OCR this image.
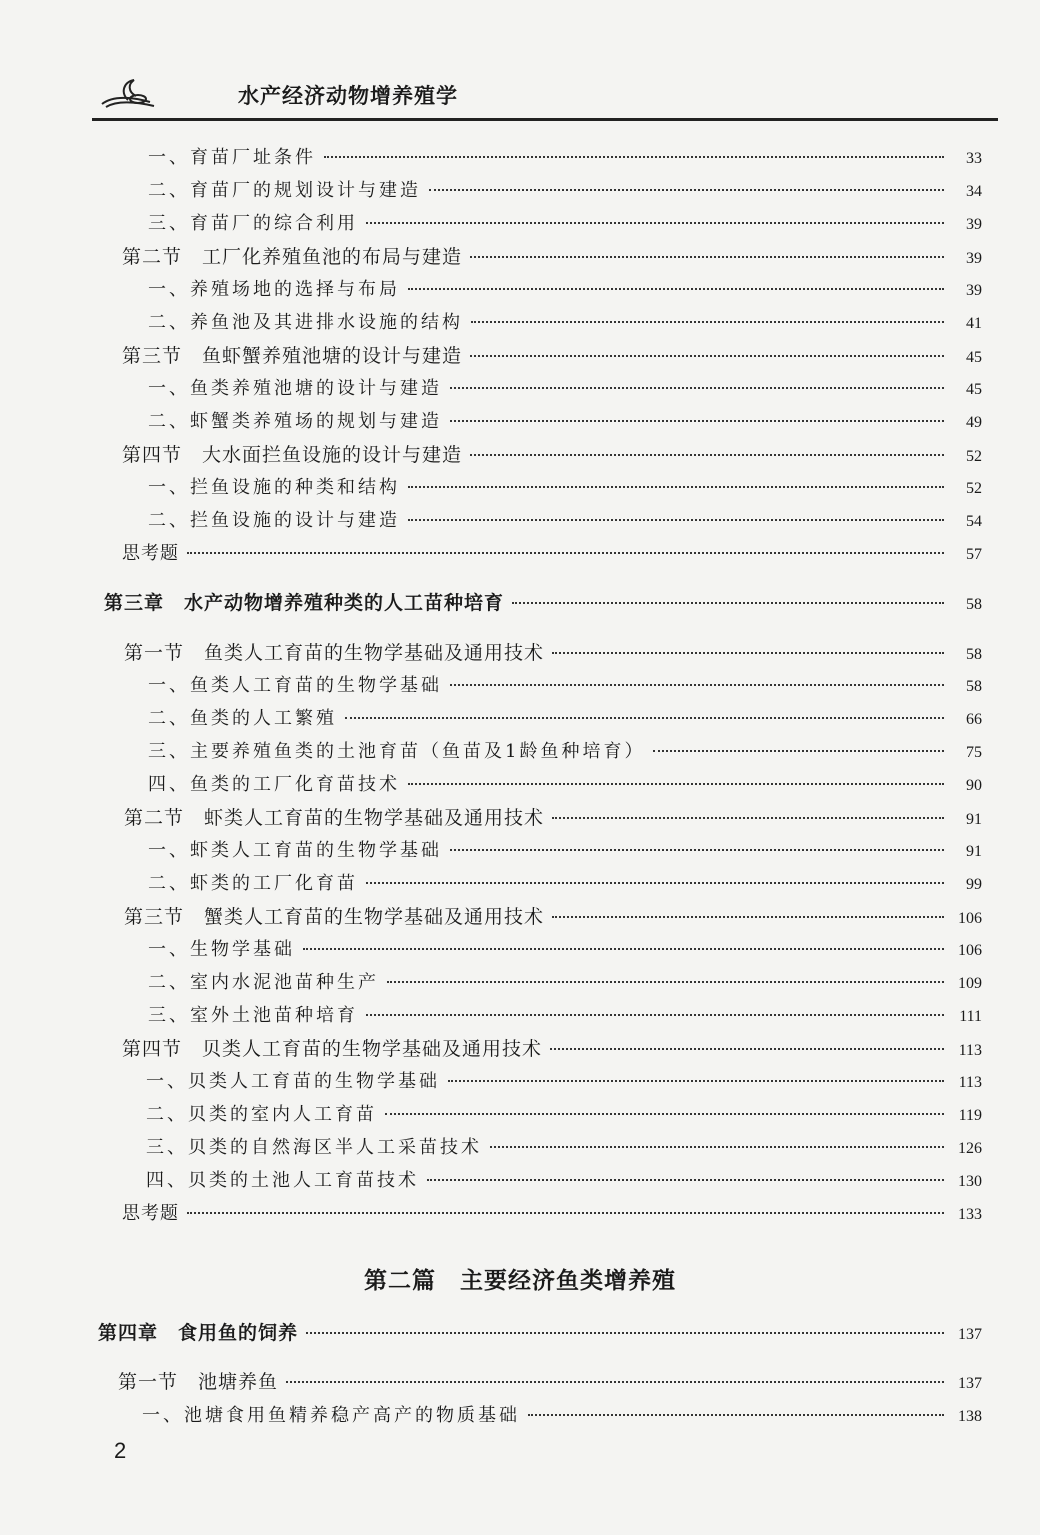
水产经济动物增养殖学
一、育苗厂址条件	33
二、育苗厂的规划设计与建造	34
三、育苗厂的综合利用	39
第二节　工厂化养殖鱼池的布局与建造	39
一、养殖场地的选择与布局	39
二、养鱼池及其进排水设施的结构	41
第三节　鱼虾蟹养殖池塘的设计与建造	45
一、鱼类养殖池塘的设计与建造	45
二、虾蟹类养殖场的规划与建造	49
第四节　大水面拦鱼设施的设计与建造	52
一、拦鱼设施的种类和结构	52
二、拦鱼设施的设计与建造	54
思考题	57
第三章　水产动物增养殖种类的人工苗种培育	58
第一节　鱼类人工育苗的生物学基础及通用技术	58
一、鱼类人工育苗的生物学基础	58
二、鱼类的人工繁殖	66
三、主要养殖鱼类的土池育苗（鱼苗及1龄鱼种培育）	75
四、鱼类的工厂化育苗技术	90
第二节　虾类人工育苗的生物学基础及通用技术	91
一、虾类人工育苗的生物学基础	91
二、虾类的工厂化育苗	99
第三节　蟹类人工育苗的生物学基础及通用技术	106
一、生物学基础	106
二、室内水泥池苗种生产	109
三、室外土池苗种培育	111
第四节　贝类人工育苗的生物学基础及通用技术	113
一、贝类人工育苗的生物学基础	113
二、贝类的室内人工育苗	119
三、贝类的自然海区半人工采苗技术	126
四、贝类的土池人工育苗技术	130
思考题	133
第二篇　主要经济鱼类增养殖
第四章　食用鱼的饲养	137
第一节　池塘养鱼	137
一、池塘食用鱼精养稳产高产的物质基础	138
2
